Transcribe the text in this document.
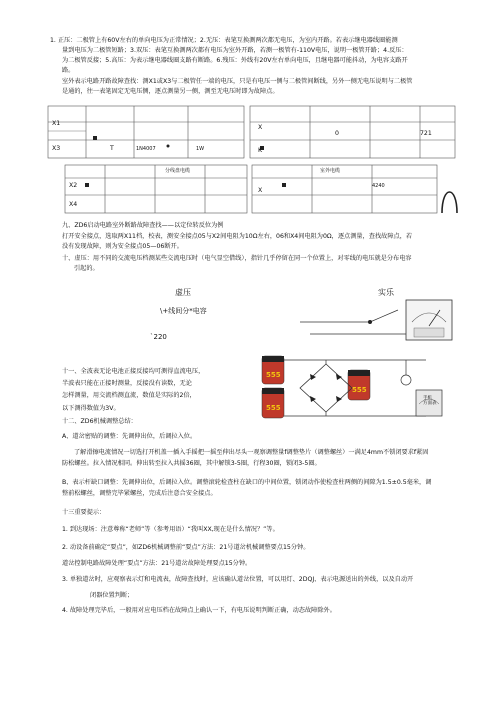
1. 正压：二极管上有60V左右的单向电压为正常情况；2.无压：表笔互换测两次都无电压，为室内开路。若表示继电器线圈能测
量到电压为二极管短路；3.双压：表笔互换测两次都有电压为室外开路，若测一极管有-110V电压，说明一极管开路；4.反压：
为二极管反接；5.高压：为表示继电器线圈支路有断路。6.残压：外线有20V左右单向电压，且继电器可能抖动，为电容支路开
路。
室外表示电路开路故障查找：测X1或X3与二极管任一端的电压，只是有电压一侧与二极管间断线，另外一侧无电压说明与二极管
是通的，往一表笔固定无电压侧，逐点测量另一侧，测至无电压时即为故障点。
X1
X3	T	1N4007	1W
X
0	721
K
分线盘电缆
X2
X4
室外电缆
X
4240
九、ZD6启动电路室外断路故障查找——以定位转反位为例
打开安全接点，选取两X11档，校表，测安全接点05与X2间电阻为10Ω左右，06和X4间电阻为0Ω，逐点测量，查找故障点，若
没有发现故障，则为安全接点05—06断开。
十、虚压：用不同的交流电压档测某些交流电压时（电气显空借线），指针几乎停留在同一个位置上，对零线的电压就是分布电容
引起的。
虚压	实乐
\+线间分*电容
`220
555
555
555
手机
方面表
十一、全波表无论电池正接反接均可测得直流电压，
半波表只能在正接时测量，反接没有读数，无论
怎样测量，用交流档测直流，数值是实际的2倍，
以下测得数值为3V。
十二、ZD6机械调整总结：
A、道岔密贴的调整：先调伸出位，后调拉入位。
了解滑擦电流情况一切选打开机盖一插入手摇把一摇至伸出尽头一观察调整量f调整垫片（调整螺丝）一满足4mm不锁闭要求f紧固
防松螺丝。拉入情况相同。伸出转至拉入共摇36圈，其中解锁3-5圈，行程30圈，锁闭3-5圈。
B、表示杆缺口调整：先调伸出位，后调拉入位。调整滚轮检查柱在缺口的中间位置，锁闭动作使检查柱两侧的间隙为1.5±0.5毫米，调
整前松螺丝，调整完毕紧螺丝，完成后注意合安全接点。
十三重要提示：
1. 到达现场：注意尊称“老师”等（参考用语）“我叫XX,现在是什么情况？”等。
2. 动设备前确定“要点”，如ZD6机械调整前“要点”方法：21号道岔机械调整要点15分钟。
道岔控制电路故障处理“要点”方法：21号道岔故障处理要点15分钟。
3. 单独道岔时，应观察表示灯和电流表，故障查找时，应该确认道岔位置，可以用灯、2DQJ、表示电源送出的外线，以及自动开
闭器位置判断；
4. 故障处理完毕后，一般用对应电压档在故障点上确认一下，有电压说明判断正确，动态故障除外。
